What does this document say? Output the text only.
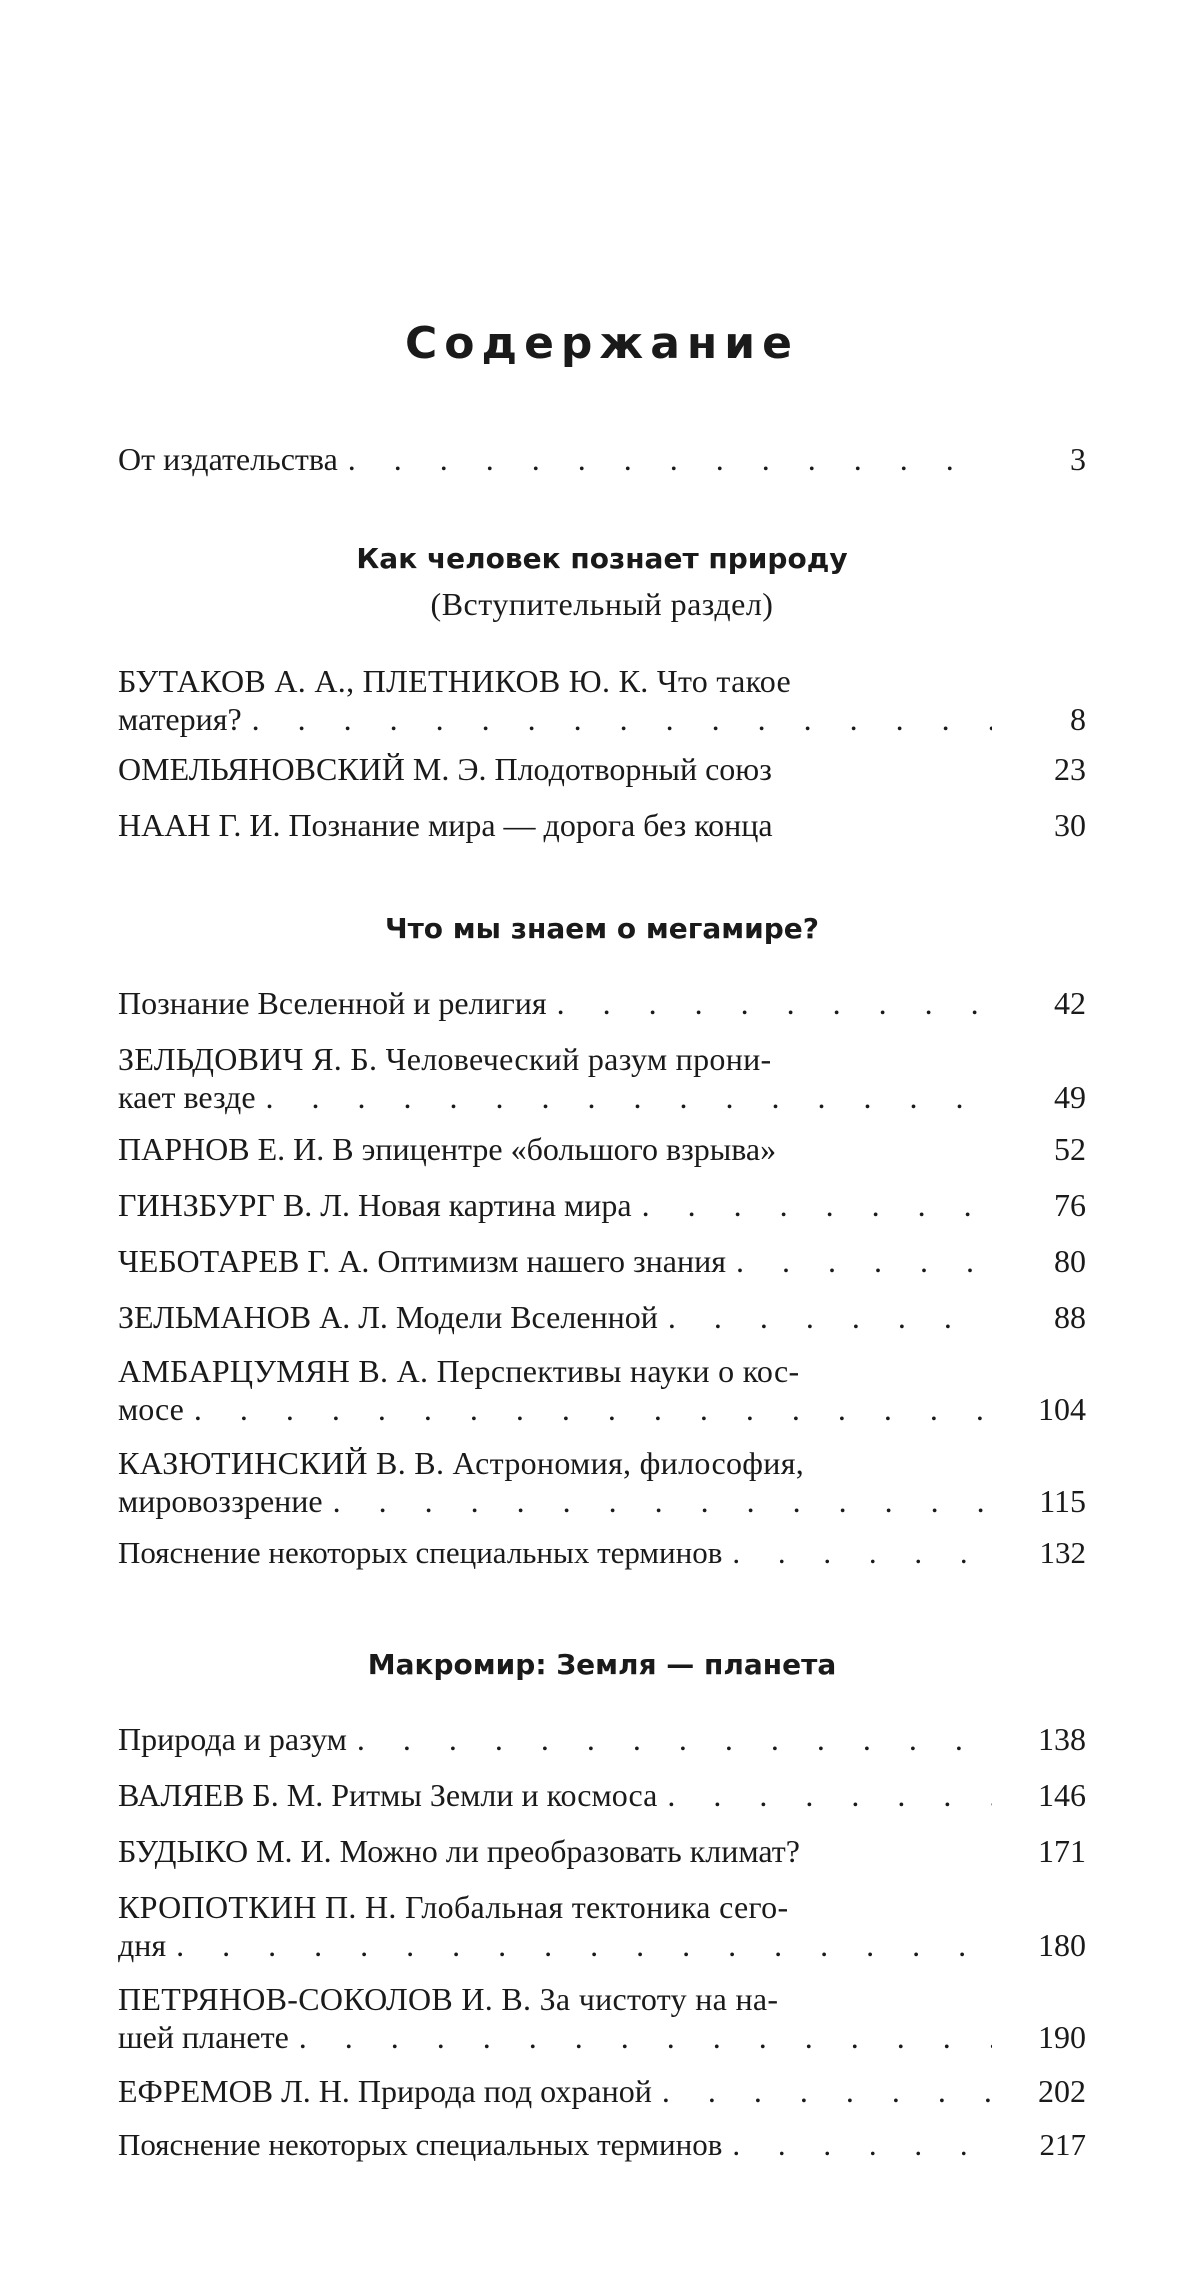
Содержание
От издательства . . .	3
Как человек познает природу
(Вступительный раздел)
БУТАКОВ А. А., ПЛЕТНИКОВ Ю. К. Что такое
материя? . . .	8
ОМЕЛЬЯНОВСКИЙ М. Э. Плодотворный союз	23
НААН Г. И. Познание мира — дорога без конца	30
Что мы знаем о мегамире?
Познание Вселенной и религия . . .	42
ЗЕЛЬДОВИЧ Я. Б. Человеческий разум прони-
кает везде . . .	49
ПАРНОВ Е. И. В эпицентре «большого взрыва»	52
ГИНЗБУРГ В. Л. Новая картина мира . . .	76
ЧЕБОТАРЕВ Г. А. Оптимизм нашего знания . . .	80
ЗЕЛЬМАНОВ А. Л. Модели Вселенной . . .	88
АМБАРЦУМЯН В. А. Перспективы науки о кос-
мосе . . .	104
КАЗЮТИНСКИЙ В. В. Астрономия, философия,
мировоззрение . . .	115
Пояснение некоторых специальных терминов . . .	132
Макромир: Земля — планета
Природа и разум . . .	138
ВАЛЯЕВ Б. М. Ритмы Земли и космоса . . .	146
БУДЫКО М. И. Можно ли преобразовать климат?	171
КРОПОТКИН П. Н. Глобальная тектоника сего-
дня . . .	180
ПЕТРЯНОВ-СОКОЛОВ И. В. За чистоту на на-
шей планете . . .	190
ЕФРЕМОВ Л. Н. Природа под охраной . . .	202
Пояснение некоторых специальных терминов . . .	217
